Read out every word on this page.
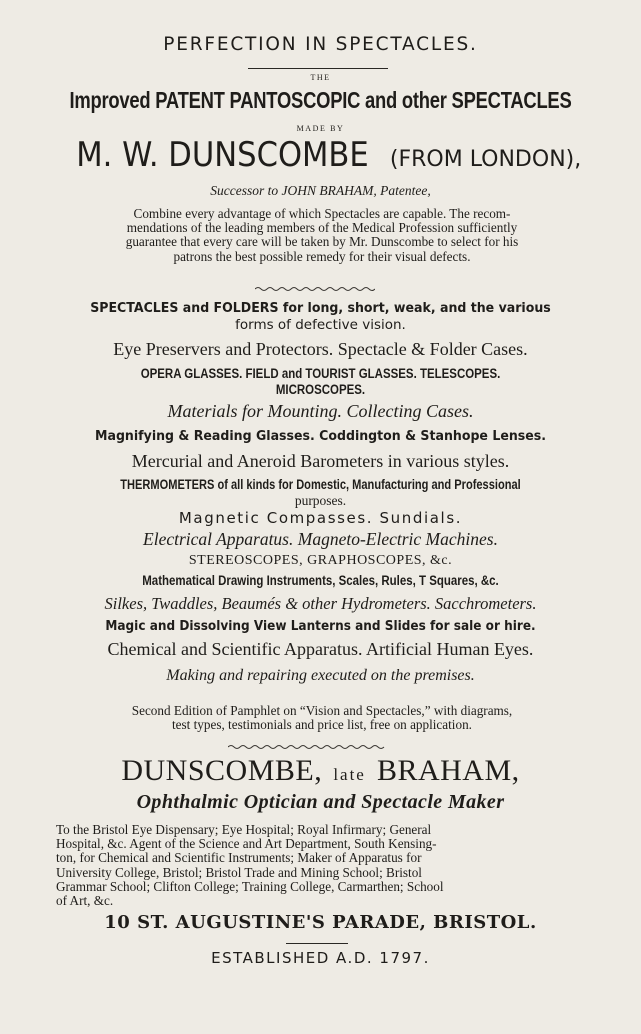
PERFECTION IN SPECTACLES.
THE
Improved PATENT PANTOSCOPIC and other SPECTACLES
MADE BY
M. W. DUNSCOMBE (FROM LONDON),
Successor to JOHN BRAHAM, Patentee,
Combine every advantage of which Spectacles are capable. The recom-
mendations of the leading members of the Medical Profession sufficiently
guarantee that every care will be taken by Mr. Dunscombe to select for his
patrons the best possible remedy for their visual defects.
SPECTACLES and FOLDERS for long, short, weak, and the various
forms of defective vision.
Eye Preservers and Protectors. Spectacle & Folder Cases.
OPERA GLASSES. FIELD and TOURIST GLASSES. TELESCOPES.
MICROSCOPES.
Materials for Mounting. Collecting Cases.
Magnifying & Reading Glasses. Coddington & Stanhope Lenses.
Mercurial and Aneroid Barometers in various styles.
THERMOMETERS of all kinds for Domestic, Manufacturing and Professional
purposes.
Magnetic Compasses. Sundials.
Electrical Apparatus. Magneto-Electric Machines.
STEREOSCOPES, GRAPHOSCOPES, &c.
Mathematical Drawing Instruments, Scales, Rules, T Squares, &c.
Silkes, Twaddles, Beaumés & other Hydrometers. Sacchrometers.
Magic and Dissolving View Lanterns and Slides for sale or hire.
Chemical and Scientific Apparatus. Artificial Human Eyes.
Making and repairing executed on the premises.
Second Edition of Pamphlet on “Vision and Spectacles,” with diagrams,
test types, testimonials and price list, free on application.
DUNSCOMBE, late BRAHAM,
Ophthalmic Optician and Spectacle Maker
To the Bristol Eye Dispensary; Eye Hospital; Royal Infirmary; General
Hospital, &c. Agent of the Science and Art Department, South Kensing-
ton, for Chemical and Scientific Instruments; Maker of Apparatus for
University College, Bristol; Bristol Trade and Mining School; Bristol
Grammar School; Clifton College; Training College, Carmarthen; School
of Art, &c.
10 ST. AUGUSTINE'S PARADE, BRISTOL.
ESTABLISHED A.D. 1797.
